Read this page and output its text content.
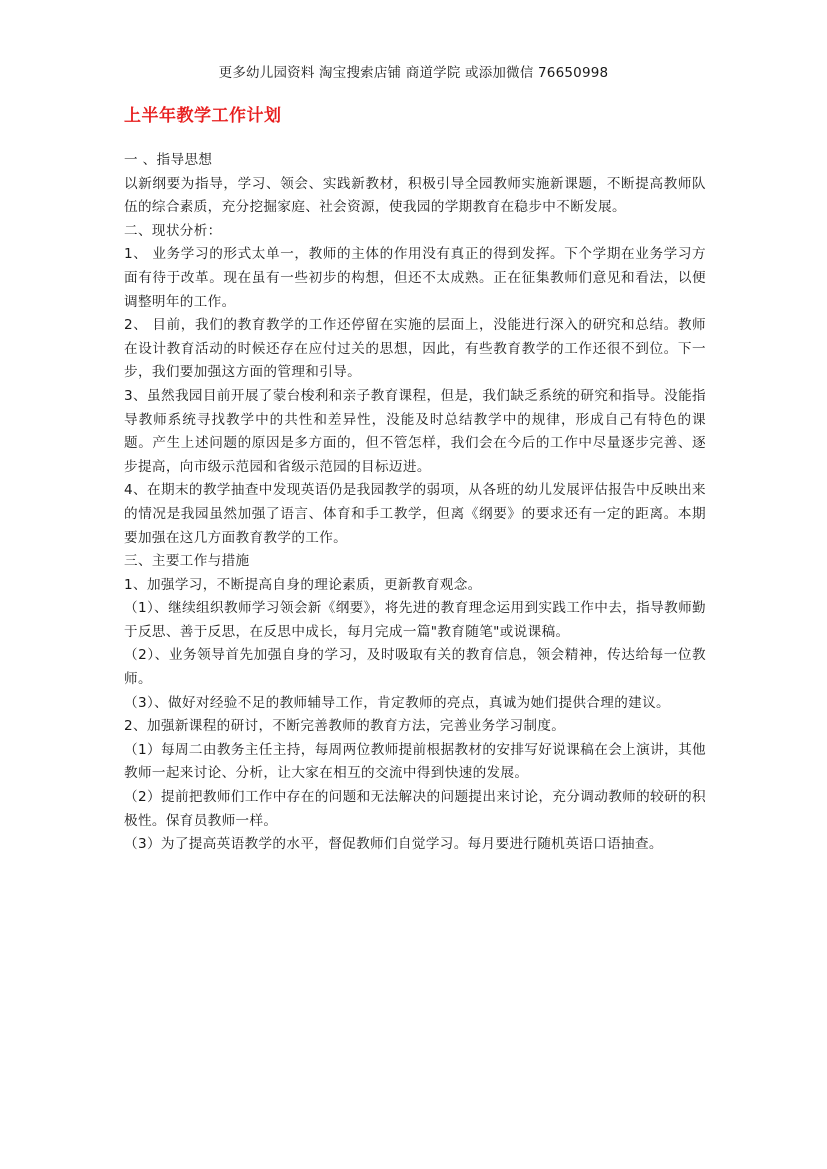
更多幼儿园资料 淘宝搜索店铺 商道学院 或添加微信 76650998
上半年教学工作计划

一 、指导思想

以新纲要为指导，学习、领会、实践新教材，积极引导全园教师实施新课题，不断提高教师队伍的综合素质，充分挖掘家庭、社会资源，使我园的学期教育在稳步中不断发展。

二、现状分析：

1、 业务学习的形式太单一，教师的主体的作用没有真正的得到发挥。下个学期在业务学习方面有待于改革。现在虽有一些初步的构想，但还不太成熟。正在征集教师们意见和看法，以便调整明年的工作。

2、 目前，我们的教育教学的工作还停留在实施的层面上，没能进行深入的研究和总结。教师在设计教育活动的时候还存在应付过关的思想，因此，有些教育教学的工作还很不到位。下一步，我们要加强这方面的管理和引导。

3、虽然我园目前开展了蒙台梭利和亲子教育课程，但是，我们缺乏系统的研究和指导。没能指导教师系统寻找教学中的共性和差异性，没能及时总结教学中的规律，形成自己有特色的课题。产生上述问题的原因是多方面的，但不管怎样，我们会在今后的工作中尽量逐步完善、逐步提高，向市级示范园和省级示范园的目标迈进。

4、在期末的教学抽查中发现英语仍是我园教学的弱项，从各班的幼儿发展评估报告中反映出来的情况是我园虽然加强了语言、体育和手工教学，但离《纲要》的要求还有一定的距离。本期要加强在这几方面教育教学的工作。

三、主要工作与措施

1、加强学习，不断提高自身的理论素质，更新教育观念。

（1）、继续组织教师学习领会新《纲要》，将先进的教育理念运用到实践工作中去，指导教师勤于反思、善于反思，在反思中成长，每月完成一篇"教育随笔"或说课稿。

（2）、业务领导首先加强自身的学习，及时吸取有关的教育信息，领会精神，传达给每一位教师。

（3）、做好对经验不足的教师辅导工作，肯定教师的亮点，真诚为她们提供合理的建议。

2、加强新课程的研讨，不断完善教师的教育方法，完善业务学习制度。

（1）每周二由教务主任主持，每周两位教师提前根据教材的安排写好说课稿在会上演讲，其他教师一起来讨论、分析，让大家在相互的交流中得到快速的发展。

（2）提前把教师们工作中存在的问题和无法解决的问题提出来讨论，充分调动教师的较研的积极性。保育员教师一样。

（3）为了提高英语教学的水平，督促教师们自觉学习。每月要进行随机英语口语抽查。
